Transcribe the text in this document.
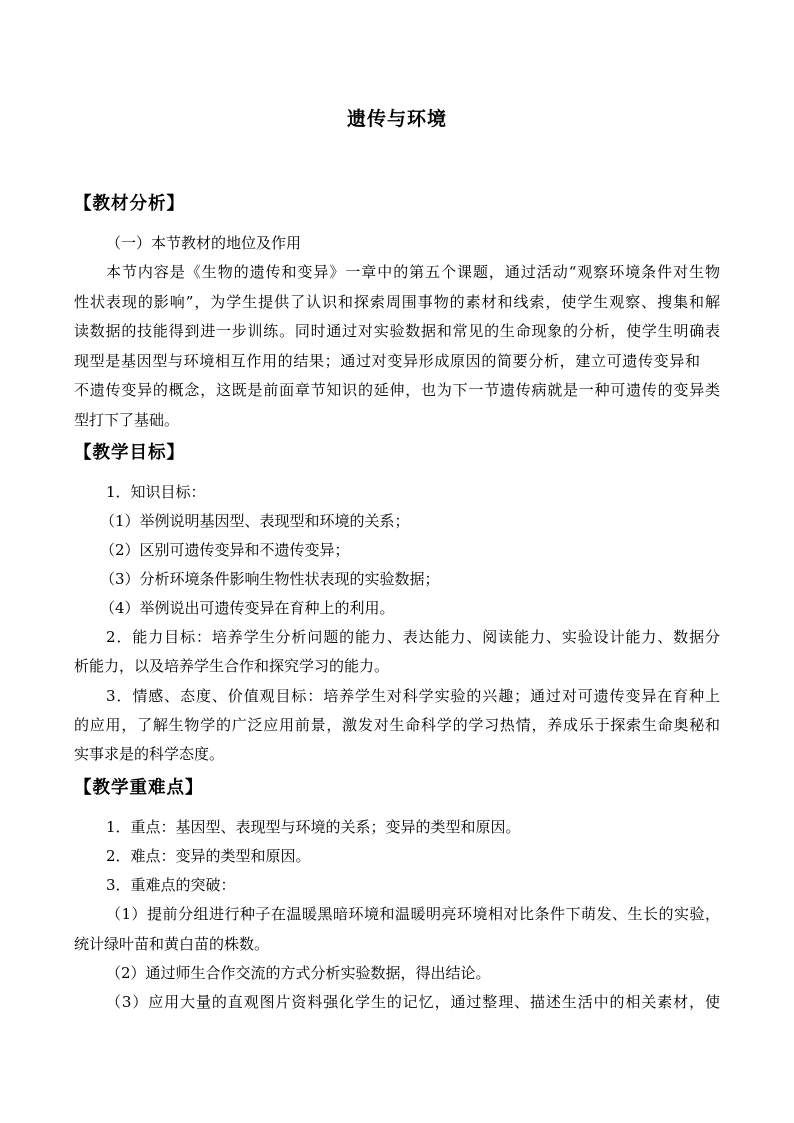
遗传与环境
【教材分析】
（一）本节教材的地位及作用
本节内容是《生物的遗传和变异》一章中的第五个课题，通过活动“观察环境条件对生物
性状表现的影响”，为学生提供了认识和探索周围事物的素材和线索，使学生观察、搜集和解
读数据的技能得到进一步训练。同时通过对实验数据和常见的生命现象的分析，使学生明确表
现型是基因型与环境相互作用的结果；通过对变异形成原因的简要分析，建立可遗传变异和
不遗传变异的概念，这既是前面章节知识的延伸，也为下一节遗传病就是一种可遗传的变异类
型打下了基础。
【教学目标】
1．知识目标：
（1）举例说明基因型、表现型和环境的关系；
（2）区别可遗传变异和不遗传变异；
（3）分析环境条件影响生物性状表现的实验数据；
（4）举例说出可遗传变异在育种上的利用。
2．能力目标：培养学生分析问题的能力、表达能力、阅读能力、实验设计能力、数据分
析能力，以及培养学生合作和探究学习的能力。
3．情感、态度、价值观目标：培养学生对科学实验的兴趣；通过对可遗传变异在育种上
的应用，了解生物学的广泛应用前景，激发对生命科学的学习热情，养成乐于探索生命奥秘和
实事求是的科学态度。
【教学重难点】
1．重点：基因型、表现型与环境的关系；变异的类型和原因。
2．难点：变异的类型和原因。
3．重难点的突破：
（1）提前分组进行种子在温暖黑暗环境和温暖明亮环境相对比条件下萌发、生长的实验，
统计绿叶苗和黄白苗的株数。
（2）通过师生合作交流的方式分析实验数据，得出结论。
（3）应用大量的直观图片资料强化学生的记忆，通过整理、描述生活中的相关素材，使
